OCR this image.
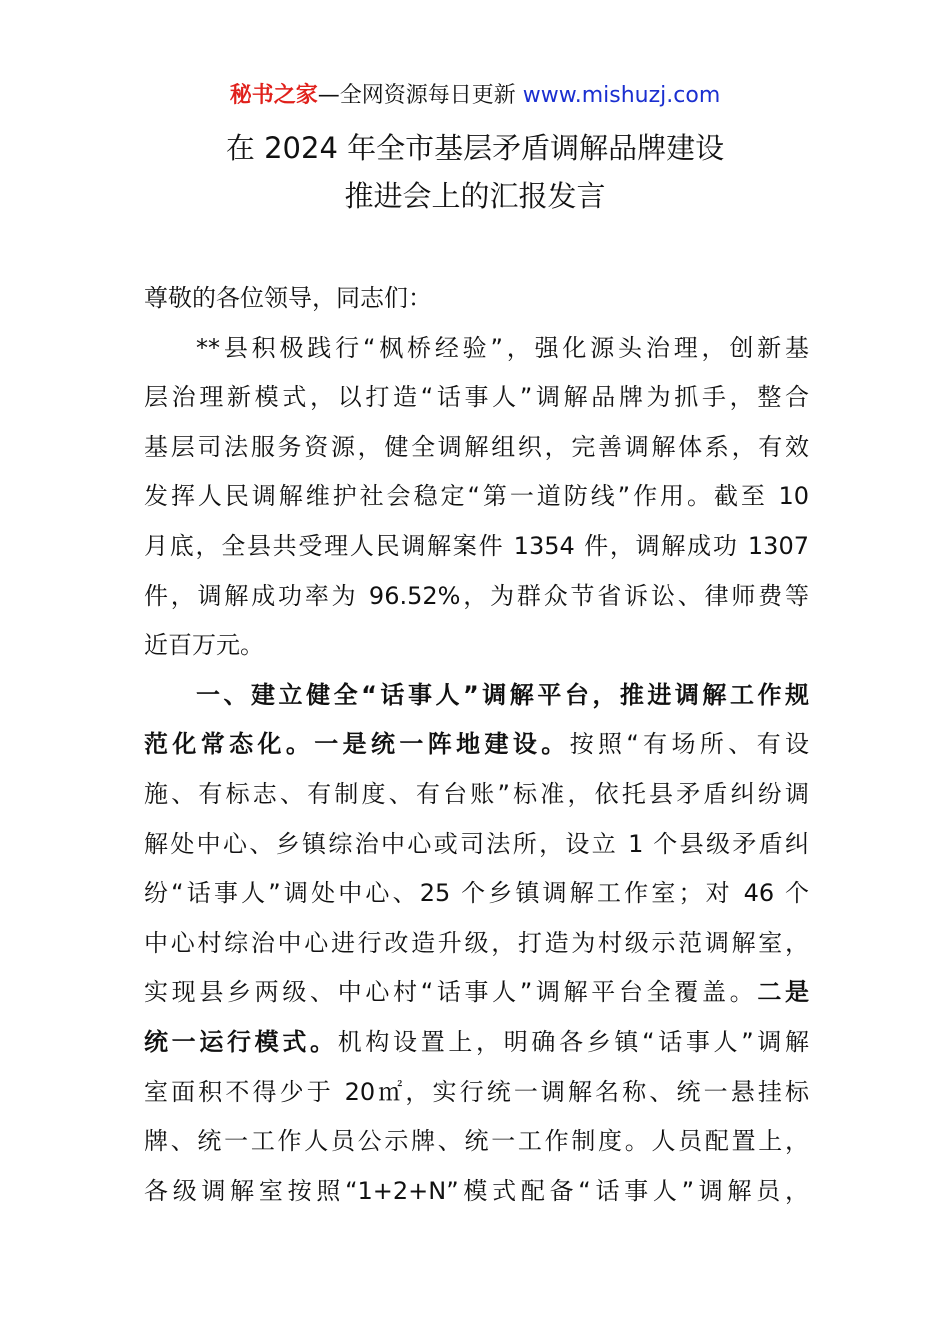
秘书之家—全网资源每日更新 www.mishuzj.com
在 2024 年全市基层矛盾调解品牌建设
推进会上的汇报发言
尊敬的各位领导，同志们：
**县积极践行“枫桥经验”，强化源头治理，创新基
层治理新模式，以打造“话事人”调解品牌为抓手，整合
基层司法服务资源，健全调解组织，完善调解体系，有效
发挥人民调解维护社会稳定“第一道防线”作用。截至 10
月底，全县共受理人民调解案件 1354 件，调解成功 1307
件，调解成功率为 96.52%，为群众节省诉讼、律师费等
近百万元。
一、建立健全“话事人”调解平台，推进调解工作规
范化常态化。一是统一阵地建设。按照“有场所、有设
施、有标志、有制度、有台账”标准，依托县矛盾纠纷调
解处中心、乡镇综治中心或司法所，设立 1 个县级矛盾纠
纷“话事人”调处中心、25 个乡镇调解工作室；对 46 个
中心村综治中心进行改造升级，打造为村级示范调解室，
实现县乡两级、中心村“话事人”调解平台全覆盖。二是
统一运行模式。机构设置上，明确各乡镇“话事人”调解
室面积不得少于 20㎡，实行统一调解名称、统一悬挂标
牌、统一工作人员公示牌、统一工作制度。人员配置上，
各级调解室按照“1+2+N”模式配备“话事人”调解员，
